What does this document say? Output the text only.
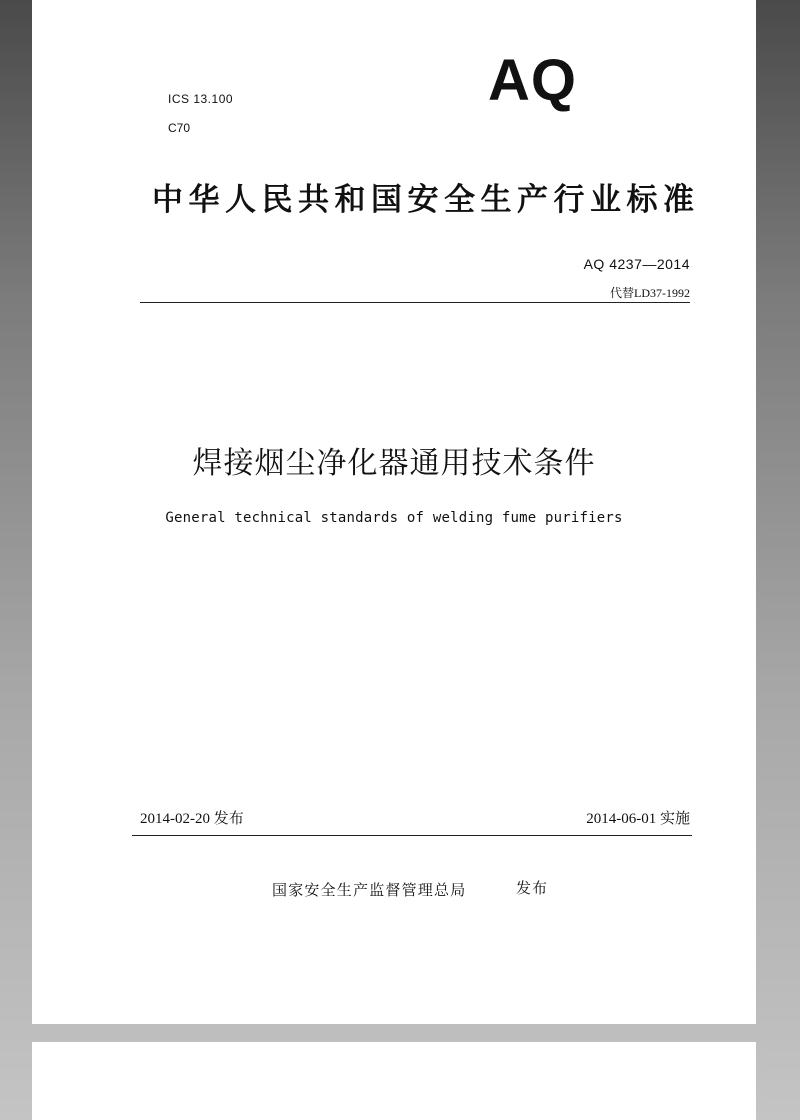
ICS 13.100
C70
AQ
中华人民共和国安全生产行业标准
AQ 4237—2014
代替LD37-1992
焊接烟尘净化器通用技术条件
General technical standards of welding fume purifiers
2014-02-20 发布	2014-06-01 实施
国家安全生产监督管理总局	发布
